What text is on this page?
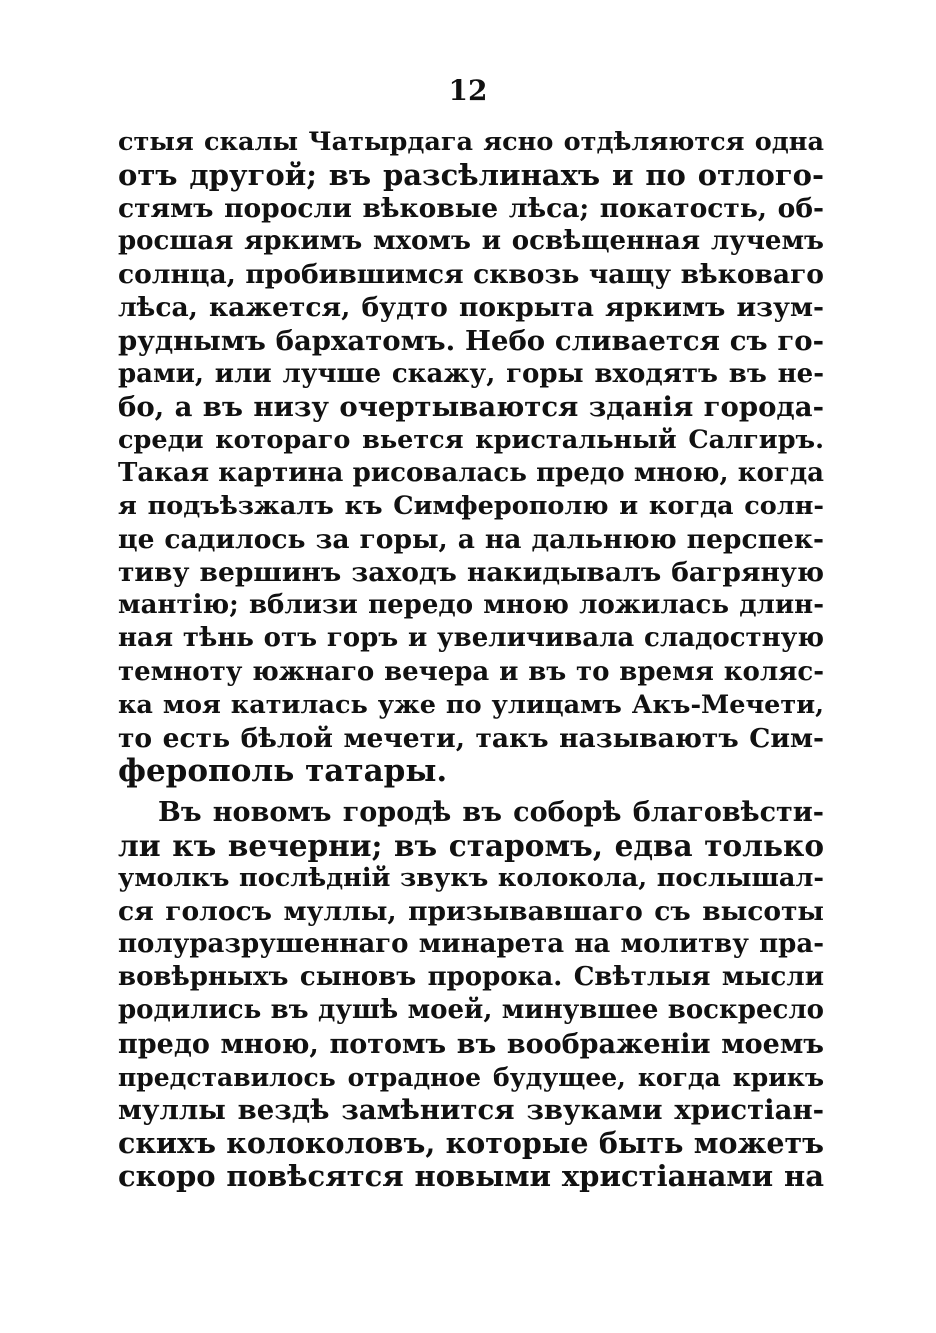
12
стыя скалы Чатырдага ясно отдѣляются одна
отъ другой; въ разсѣлинахъ и по отлого-
стямъ поросли вѣковые лѣса; покатость, об-
росшая яркимъ мхомъ и освѣщенная лучемъ
солнца, пробившимся сквозь чащу вѣковаго
лѣса, кажется, будто покрыта яркимъ изум-
руднымъ бархатомъ. Небо сливается съ го-
рами, или лучше скажу, горы входятъ въ не-
бо, а въ низу очертываются зданія города-
среди котораго вьется кристальный Салгиръ.
Такая картина рисовалась предо мною, когда
я подъѣзжалъ къ Симферополю и когда солн-
це садилось за горы, а на дальнюю перспек-
тиву вершинъ заходъ накидывалъ багряную
мантію; вблизи передо мною ложилась длин-
ная тѣнь отъ горъ и увеличивала сладостную
темноту южнаго вечера и въ то время коляс-
ка моя катилась уже по улицамъ Акъ-Мечети,
то есть бѣлой мечети, такъ называютъ Сим-
ферополь татары.
Въ новомъ городѣ въ соборѣ благовѣсти-
ли къ вечерни; въ старомъ, едва только
умолкъ послѣдній звукъ колокола, послышал-
ся голосъ муллы, призывавшаго съ высоты
полуразрушеннаго минарета на молитву пра-
вовѣрныхъ сыновъ пророка. Свѣтлыя мысли
родились въ душѣ моей, минувшее воскресло
предо мною, потомъ въ воображеніи моемъ
представилось отрадное будущее, когда крикъ
муллы вездѣ замѣнится звуками христіан-
скихъ колоколовъ, которые быть можетъ
скоро повѣсятся новыми христіанами на
